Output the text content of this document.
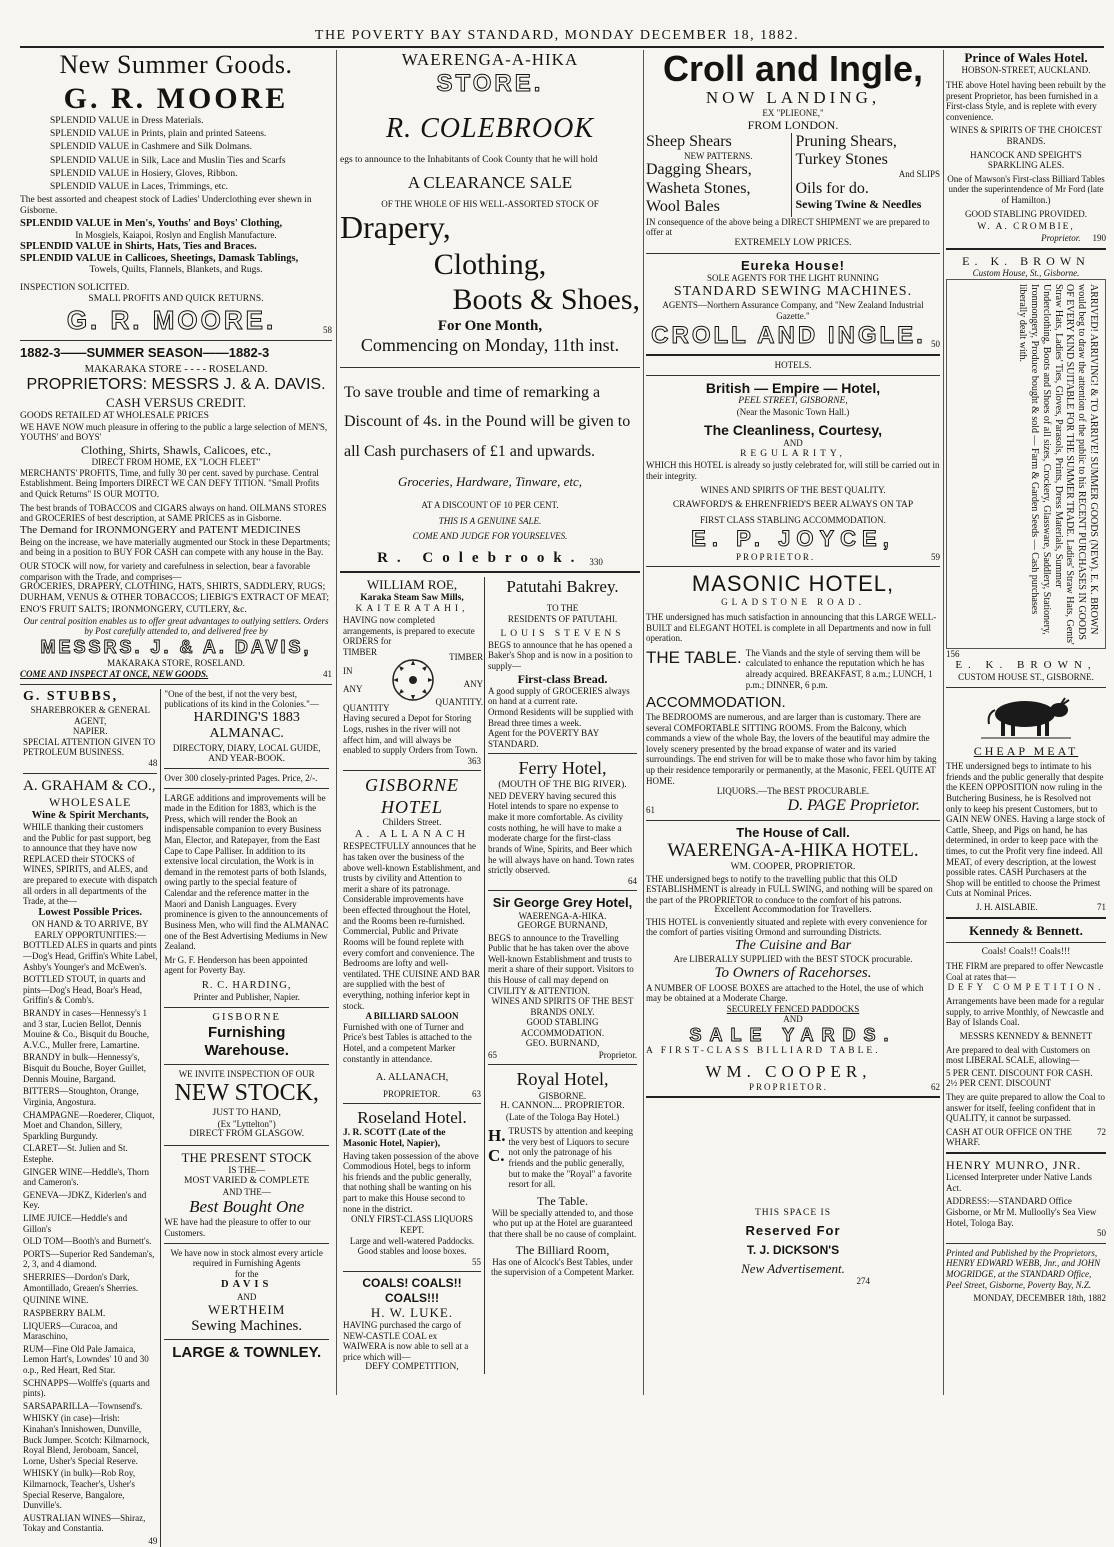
THE POVERTY BAY STANDARD, MONDAY DECEMBER 18, 1882.
New Summer Goods.
G. R. MOORE

SPLENDID VALUE in Dress Materials.

SPLENDID VALUE in Prints, plain and printed Sateens.

SPLENDID VALUE in Cashmere and Silk Dolmans.

SPLENDID VALUE in Silk, Lace and Muslin Ties and Scarfs

SPLENDID VALUE in Hosiery, Gloves, Ribbon.

SPLENDID VALUE in Laces, Trimmings, etc.

The best assorted and cheapest stock of Ladies' Underclothing ever shewn in Gisborne.

SPLENDID VALUE in Men's, Youths' and Boys' Clothing,

In Mosgiels, Kaiapoi, Roslyn and English Manufacture.

SPLENDID VALUE in Shirts, Hats, Ties and Braces.

SPLENDID VALUE in Callicoes, Sheetings, Damask Tablings,

Towels, Quilts, Flannels, Blankets, and Rugs.

INSPECTION SOLICITED.

SMALL PROFITS AND QUICK RETURNS.

G. R. MOORE.	58
1882-3——SUMMER SEASON——1882-3

MAKARAKA STORE - - - - ROSELAND.

PROPRIETORS: MESSRS J. & A. DAVIS.

CASH VERSUS CREDIT.

GOODS RETAILED AT WHOLESALE PRICES

WE HAVE NOW much pleasure in offering to the public a large selection of MEN'S, YOUTHS' and BOYS'

Clothing, Shirts, Shawls, Calicoes, etc.,

DIRECT FROM HOME, EX "LOCH FLEET"

MERCHANTS' PROFITS, Time, and fully 30 per cent. saved by purchase. Central Establishment. Being Importers DIRECT WE CAN DEFY TITION. "Small Profits and Quick Returns" IS OUR MOTTO.

The best brands of TOBACCOS and CIGARS always on hand. OILMANS STORES and GROCERIES of best description, at SAME PRICES as in Gisborne.

The Demand for IRONMONGERY and PATENT MEDICINES

Being on the increase, we have materially augmented our Stock in these Departments; and being in a position to BUY FOR CASH can compete with any house in the Bay.

OUR STOCK will now, for variety and carefulness in selection, bear a favorable comparison with the Trade, and comprises—

GROCERIES, DRAPERY, CLOTHING, HATS, SHIRTS, SADDLERY, RUGS; DURHAM, VENUS & OTHER TOBACCOS; LIEBIG'S EXTRACT OF MEAT; ENO'S FRUIT SALTS; IRONMONGERY, CUTLERY, &c.

Our central position enables us to offer great advantages to outlying settlers. Orders by Post carefully attended to, and delivered free by

MESSRS. J. & A. DAVIS,

MAKARAKA STORE, ROSELAND.

COME AND INSPECT AT ONCE, NEW GOODS.	41
G. STUBBS,

SHAREBROKER & GENERAL AGENT,

NAPIER.

SPECIAL ATTENTION GIVEN TO PETROLEUM BUSINESS.

48

A. GRAHAM & CO.,
WHOLESALE
Wine & Spirit Merchants,

WHILE thanking their customers and the Public for past support, beg to announce that they have now REPLACED their STOCKS of WINES, SPIRITS, and ALES, and are prepared to execute with dispatch all orders in all departments of the Trade, at the—

Lowest Possible Prices.

ON HAND & TO ARRIVE, BY EARLY OPPORTUNITIES:—

BOTTLED ALES in quarts and pints—Dog's Head, Griffin's White Label, Ashby's Younger's and McEwen's.

BOTTLED STOUT, in quarts and pints—Dog's Head, Boar's Head, Griffin's & Comb's.

BRANDY in cases—Hennessy's 1 and 3 star, Lucien Bellot, Dennis Mouine & Co., Bisquit du Bouche, A.V.C., Muller frere, Lamartine.

BRANDY in bulk—Hennessy's, Bisquit du Bouche, Boyer Guillet, Dennis Mouine, Bargand.

BITTERS—Stoughton, Orange, Virginia, Angostura.

CHAMPAGNE—Roederer, Cliquot, Moet and Chandon, Sillery, Sparkling Burgundy.

CLARET—St. Julien and St. Estephe.

GINGER WINE—Heddle's, Thorn and Cameron's.

GENEVA—JDKZ, Kiderlen's and Key.

LIME JUICE—Heddle's and Gillon's

OLD TOM—Booth's and Burnett's.

PORTS—Superior Red Sandeman's, 2, 3, and 4 diamond.

SHERRIES—Dordon's Dark, Amontillado, Greaen's Sherries.

QUININE WINE.

RASPBERRY BALM.

LIQUERS—Curacoa, and Maraschino,

RUM—Fine Old Pale Jamaica, Lemon Hart's, Lowndes' 10 and 30 o.p., Red Heart, Red Star.

SCHNAPPS—Wolffe's (quarts and pints).

SARSAPARILLA—Townsend's.

WHISKY (in case)—Irish: Kinahan's Innishowen, Dunville, Buck Jumper. Scotch: Kilmarnock, Royal Blend, Jeroboam, Sancel, Lorne, Usher's Special Reserve.

WHISKY (in bulk)—Rob Roy, Kilmarnock, Teacher's, Usher's Special Reserve, Bangalore, Dunville's.

AUSTRALIAN WINES—Shiraz, Tokay and Constantia.

49

"One of the best, if not the very best, publications of its kind in the Colonies."—

HARDING'S 1883 ALMANAC.

DIRECTORY, DIARY, LOCAL GUIDE, AND YEAR-BOOK.

Over 300 closely-printed Pages. Price, 2/-.

LARGE additions and improvements will be made in the Edition for 1883, which is the Press, which will render the Book an indispensable companion to every Business Man, Elector, and Ratepayer, from the East Cape to Cape Palliser. In addition to its extensive local circulation, the Work is in demand in the remotest parts of both Islands, owing partly to the special feature of Calendar and the reference matter in the Maori and Danish Languages. Every prominence is given to the announcements of Business Men, who will find the ALMANAC one of the Best Advertising Mediums in New Zealand.

Mr G. F. Henderson has been appointed agent for Poverty Bay.

R. C. HARDING,

Printer and Publisher, Napier.

GISBORNE

Furnishing Warehouse.

WE INVITE INSPECTION OF OUR

NEW STOCK,

JUST TO HAND,

(Ex "Lyttelton")

DIRECT FROM GLASGOW.

THE PRESENT STOCK

IS THE—

MOST VARIED & COMPLETE

AND THE—

Best Bought One

WE have had the pleasure to offer to our Customers.

We have now in stock almost every article required in Furnishing Agents

for the

DAVIS

AND

WERTHEIM

Sewing Machines.

LARGE & TOWNLEY.

WAERENGA-A-HIKA

STORE.

R. COLEBROOK

egs to announce to the Inhabitants of Cook County that he will hold

A CLEARANCE SALE

OF THE WHOLE OF HIS WELL-ASSORTED STOCK OF

Drapery,

Clothing,

Boots & Shoes,

For One Month,

Commencing on Monday, 11th inst.

To save trouble and time of remarking a Discount of 4s. in the Pound will be given to all Cash purchasers of £1 and upwards.

Groceries, Hardware, Tinware, etc,

AT A DISCOUNT OF 10 PER CENT.

THIS IS A GENUINE SALE.

COME AND JUDGE FOR YOURSELVES.

R. Colebrook. 330

WILLIAM ROE,

Karaka Steam Saw Mills,

KAITERATAHI,

HAVING now completed arrangements, is prepared to execute ORDERS for

TIMBER

IN

ANY

QUANTITY

TIMBER

ANY

QUANTITY.

Having secured a Depot for Storing Logs, rushes in the river will not affect him, and will always be enabled to supply Orders from Town.

363

GISBORNE HOTEL

Childers Street.

A. ALLANACH

RESPECTFULLY announces that he has taken over the business of the above well-known Establishment, and trusts by civility and Attention to merit a share of its patronage. Considerable improvements have been effected throughout the Hotel, and the Rooms been re-furnished. Commercial, Public and Private Rooms will be found replete with every comfort and convenience. The Bedrooms are lofty and well-ventilated. THE CUISINE AND BAR are supplied with the best of everything, nothing inferior kept in stock.

A BILLIARD SALOON

Furnished with one of Turner and Price's best Tables is attached to the Hotel, and a competent Marker constantly in attendance.

A. ALLANACH,

PROPRIETOR.	63

Roseland Hotel.

J. R. SCOTT (Late of the Masonic Hotel, Napier),

Having taken possession of the above Commodious Hotel, begs to inform his friends and the public generally, that nothing shall be wanting on his part to make this House second to none in the district.

ONLY FIRST-CLASS LIQUORS KEPT.

Large and well-watered Paddocks. Good stables and loose boxes.

55

COALS! COALS!! COALS!!!

H. W. LUKE.

HAVING purchased the cargo of NEW-CASTLE COAL ex WAIWERA is now able to sell at a price which will—

DEFY COMPETITION,

Patutahi Bakrey.

TO THE

RESIDENTS OF PATUTAHI.

LOUIS STEVENS

BEGS to announce that he has opened a Baker's Shop and is now in a position to supply—

First-class Bread.

A good supply of GROCERIES always on hand at a current rate.

Ormond Residents will be supplied with Bread three times a week.

Agent for the POVERTY BAY STANDARD.

Ferry Hotel,

(MOUTH OF THE BIG RIVER).

NED DEVERY having secured this Hotel intends to spare no expense to make it more comfortable. As civility costs nothing, he will have to make a moderate charge for the first-class brands of Wine, Spirits, and Beer which he will always have on hand. Town rates strictly observed.

64

Sir George Grey Hotel,

WAERENGA-A-HIKA.

GEORGE BURNAND,

BEGS to announce to the Travelling Public that he has taken over the above Well-known Establishment and trusts to merit a share of their support. Visitors to this House of call may depend on CIVILITY & ATTENTION.

WINES AND SPIRITS OF THE BEST BRANDS ONLY.

GOOD STABLING ACCOMMODATION.

GEO. BURNAND,

65	Proprietor.

Royal Hotel,

GISBORNE.

H. CANNON.... PROPRIETOR.

(Late of the Tologa Bay Hotel.)

H. C.
TRUSTS by attention and keeping the very best of Liquors to secure not only the patronage of his friends and the public generally, but to make the "Royal" a favorite resort for all.

The Table.

Will be specially attended to, and those who put up at the Hotel are guaranteed that there shall be no cause of complaint.

The Billiard Room,

Has one of Alcock's Best Tables, under the supervision of a Competent Marker.

Croll and Ingle,

NOW LANDING,

EX "PLIEONE,"

FROM LONDON.

Sheep Shears

NEW PATTERNS.

Dagging Shears,

Washeta Stones,

Wool Bales

Pruning Shears,

Turkey Stones

And SLIPS

Oils for do.

Sewing Twine & Needles

IN consequence of the above being a DIRECT SHIPMENT we are prepared to offer at

EXTREMELY LOW PRICES.

Eureka House!

SOLE AGENTS FOR THE LIGHT RUNNING

STANDARD SEWING MACHINES.

AGENTS—Northern Assurance Company, and "New Zealand Industrial Gazette."

CROLL AND INGLE. 50

HOTELS.

British — Empire — Hotel,

PEEL STREET, GISBORNE,

(Near the Masonic Town Hall.)

The Cleanliness, Courtesy,

AND

REGULARITY,

WHICH this HOTEL is already so justly celebrated for, will still be carried out in their integrity.

WINES AND SPIRITS OF THE BEST QUALITY.

CRAWFORD'S & EHRENFRIED'S BEER ALWAYS ON TAP

FIRST CLASS STABLING ACCOMMODATION.

E. P. JOYCE,

PROPRIETOR.	59

MASONIC HOTEL,

GLADSTONE ROAD.

THE undersigned has much satisfaction in announcing that this LARGE WELL-BUILT and ELEGANT HOTEL is complete in all Departments and now in full operation.

THE TABLE. The Viands and the style of serving them will be calculated to enhance the reputation which he has already acquired. BREAKFAST, 8 a.m.; LUNCH, 1 p.m.; DINNER, 6 p.m.
ACCOMMODATION.

The BEDROOMS are numerous, and are larger than is customary. There are several COMFORTABLE SITTING ROOMS. From the Balcony, which commands a view of the whole Bay, the lovers of the beautiful may admire the lovely scenery presented by the broad expanse of water and its varied surroundings. The end striven for will be to make those who favor him by taking up their residence temporarily or permanently, at the Masonic, FEEL QUITE AT HOME.

LIQUORS.—The BEST PROCURABLE.

61	D. PAGE Proprietor.

The House of Call.

WAERENGA-A-HIKA HOTEL.

WM. COOPER, PROPRIETOR.

THE undersigned begs to notify to the travelling public that this OLD ESTABLISHMENT is already in FULL SWING, and nothing will be spared on the part of the PROPRIETOR to conduce to the comfort of his patrons.

Excellent Accommodation for Travellers.

THIS HOTEL is conveniently situated and replete with every convenience for the comfort of parties visiting Ormond and surrounding Districts.

The Cuisine and Bar

Are LIBERALLY SUPPLIED with the BEST STOCK procurable.

To Owners of Racehorses.

A NUMBER OF LOOSE BOXES are attached to the Hotel, the use of which may be obtained at a Moderate Charge.

SECURELY FENCED PADDOCKS

AND

SALE YARDS.

A FIRST-CLASS BILLIARD TABLE.

WM. COOPER,

PROPRIETOR.	62

THIS SPACE IS

Reserved For

T. J. DICKSON'S

New Advertisement.

274

Prince of Wales Hotel.

HOBSON-STREET, AUCKLAND.

THE above Hotel having been rebuilt by the present Proprietor, has been furnished in a First-class Style, and is replete with every convenience.

WINES & SPIRITS OF THE CHOICEST BRANDS.

HANCOCK AND SPEIGHT'S SPARKLING ALES.

One of Mawson's First-class Billiard Tables under the superintendence of Mr Ford (late of Hamilton.)

GOOD STABLING PROVIDED.

W. A. CROMBIE,

Proprietor. 190

E. K. BROWN

Custom House, St., Gisborne.

ARRIVED! ARRIVING! & TO ARRIVE! SUMMER GOODS (NEW). E. K. BROWN would beg to draw the attention of the public to his RECENT PURCHASES IN GOODS OF EVERY KIND SUITABLE FOR THE SUMMER TRADE. Ladies' Straw Hats, Gents' Straw Hats, Ladies' Ties, Gloves, Parasols, Prints, Dress Materials, Summer Underclothing, Boots and Shoes of all sizes, Crockery, Glassware, Saddlery, Stationery, Ironmongery, Produce bought & sold — Farm & Garden Seeds — Cash purchases liberally dealt with.

156

E. K. BROWN,

CUSTOM HOUSE ST., GISBORNE.

CHEAP MEAT

THE undersigned begs to intimate to his friends and the public generally that despite the KEEN OPPOSITION now ruling in the Butchering Business, he is Resolved not only to keep his present Customers, but to GAIN NEW ONES. Having a large stock of Cattle, Sheep, and Pigs on hand, he has determined, in order to keep pace with the times, to cut the Profit very fine indeed. All MEAT, of every description, at the lowest possible rates. CASH Purchasers at the Shop will be entitled to choose the Primest Cuts at Nominal Prices.

J. H. AISLABIE.	71

Kennedy & Bennett.

Coals! Coals!! Coals!!!

THE FIRM are prepared to offer Newcastle Coal at rates that—

DEFY COMPETITION.

Arrangements have been made for a regular supply, to arrive Monthly, of Newcastle and Bay of Islands Coal.

MESSRS KENNEDY & BENNETT

Are prepared to deal with Customers on most LIBERAL SCALE, allowing—

5 PER CENT. DISCOUNT FOR CASH.

2½ PER CENT. DISCOUNT

They are quite prepared to allow the Coal to answer for itself, feeling confident that in QUALITY, it cannot be surpassed.

CASH AT OUR OFFICE ON THE WHARF.
72

HENRY MUNRO, JNR.

Licensed Interpreter under Native Lands Act.

ADDRESS:—STANDARD Office Gisborne, or Mr M. Mulloolly's Sea View Hotel, Tologa Bay.

50

Printed and Published by the Proprietors, HENRY EDWARD WEBB, Jnr., and JOHN MOGRIDGE, at the STANDARD Office, Peel Street, Gisborne, Poverty Bay, N.Z.

MONDAY, DECEMBER 18th, 1882
